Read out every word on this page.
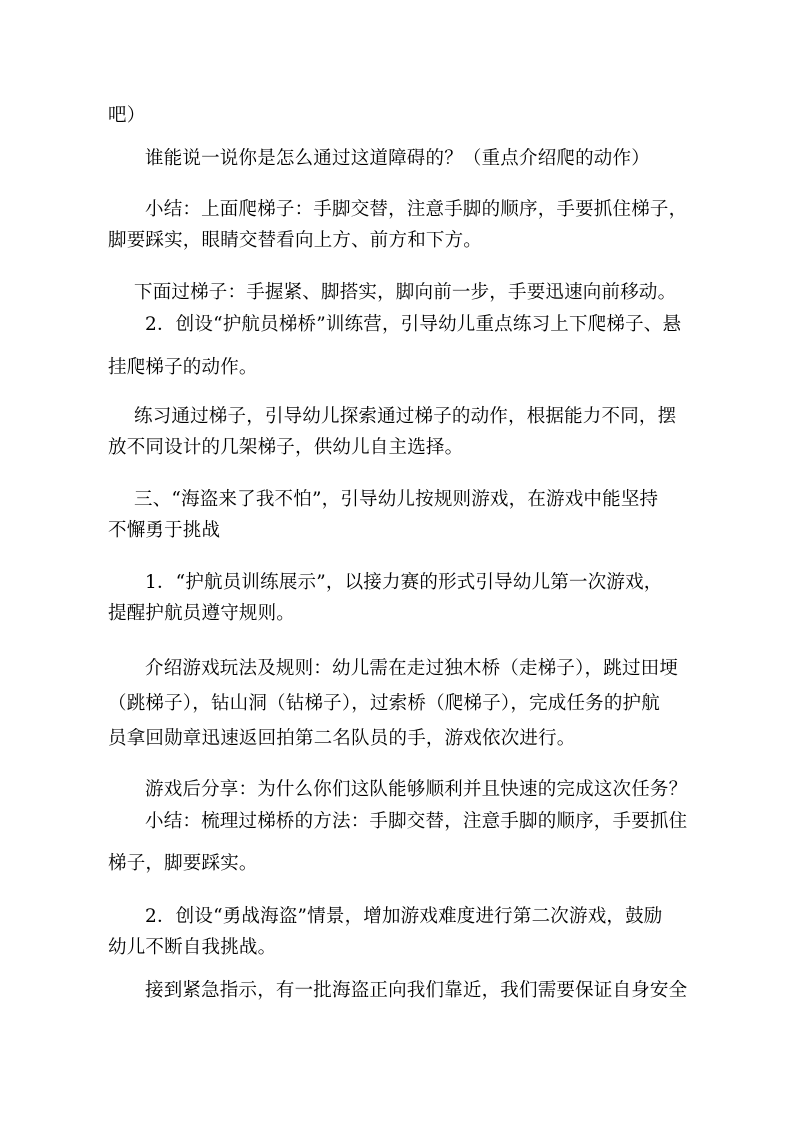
吧）
谁能说一说你是怎么通过这道障碍的？（重点介绍爬的动作）
小结：上面爬梯子：手脚交替，注意手脚的顺序，手要抓住梯子，
脚要踩实，眼睛交替看向上方、前方和下方。
下面过梯子：手握紧、脚搭实，脚向前一步，手要迅速向前移动。
2．创设“护航员梯桥”训练营，引导幼儿重点练习上下爬梯子、悬
挂爬梯子的动作。
练习通过梯子，引导幼儿探索通过梯子的动作，根据能力不同，摆
放不同设计的几架梯子，供幼儿自主选择。
三、“海盗来了我不怕”，引导幼儿按规则游戏，在游戏中能坚持
不懈勇于挑战
1．“护航员训练展示”，以接力赛的形式引导幼儿第一次游戏，
提醒护航员遵守规则。
介绍游戏玩法及规则：幼儿需在走过独木桥（走梯子），跳过田埂
（跳梯子），钻山洞（钻梯子），过索桥（爬梯子），完成任务的护航
员拿回勋章迅速返回拍第二名队员的手，游戏依次进行。
游戏后分享：为什么你们这队能够顺利并且快速的完成这次任务？
小结：梳理过梯桥的方法：手脚交替，注意手脚的顺序，手要抓住
梯子，脚要踩实。
2．创设“勇战海盗”情景，增加游戏难度进行第二次游戏，鼓励
幼儿不断自我挑战。
接到紧急指示，有一批海盗正向我们靠近，我们需要保证自身安全
